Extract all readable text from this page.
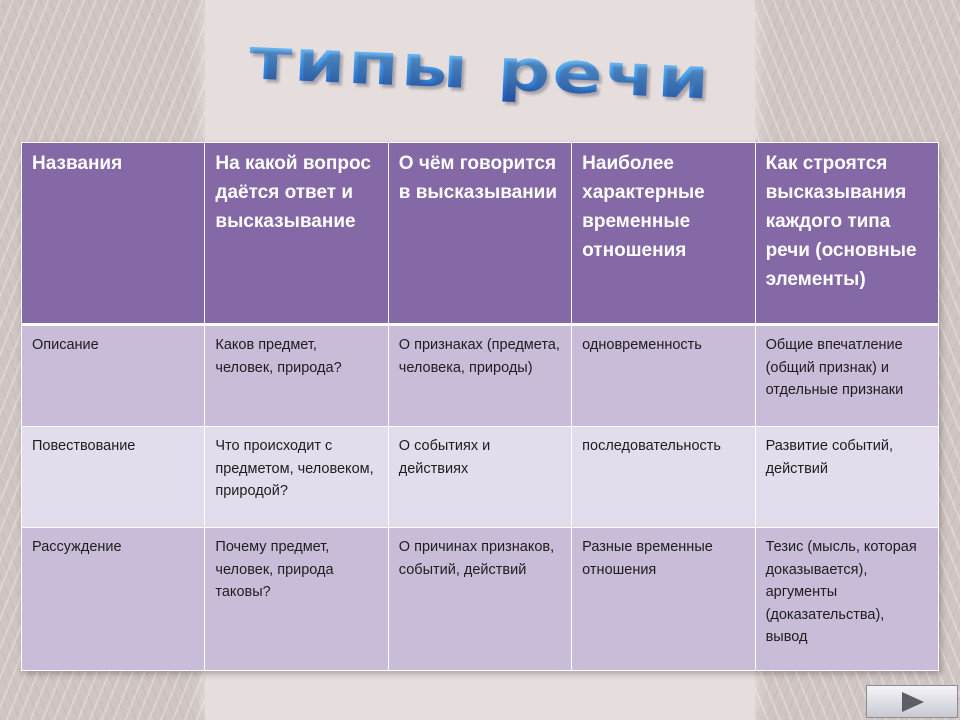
типы речи
Названия	На какой вопрос даётся ответ и высказывание	О чём говорится в высказывании	Наиболее характерные временные отношения	Как строятся высказывания каждого типа речи (основные элементы)
Описание	Каков предмет, человек, природа?	О признаках (предмета, человека, природы)	одновременность	Общие впечатление (общий признак) и отдельные признаки
Повествование	Что происходит с предметом, человеком, природой?	О событиях и действиях	последовательность	Развитие событий, действий
Рассуждение	Почему предмет, человек, природа таковы?	О причинах признаков, событий, действий	Разные временные отношения	Тезис (мысль, которая доказывается), аргументы (доказательства), вывод
